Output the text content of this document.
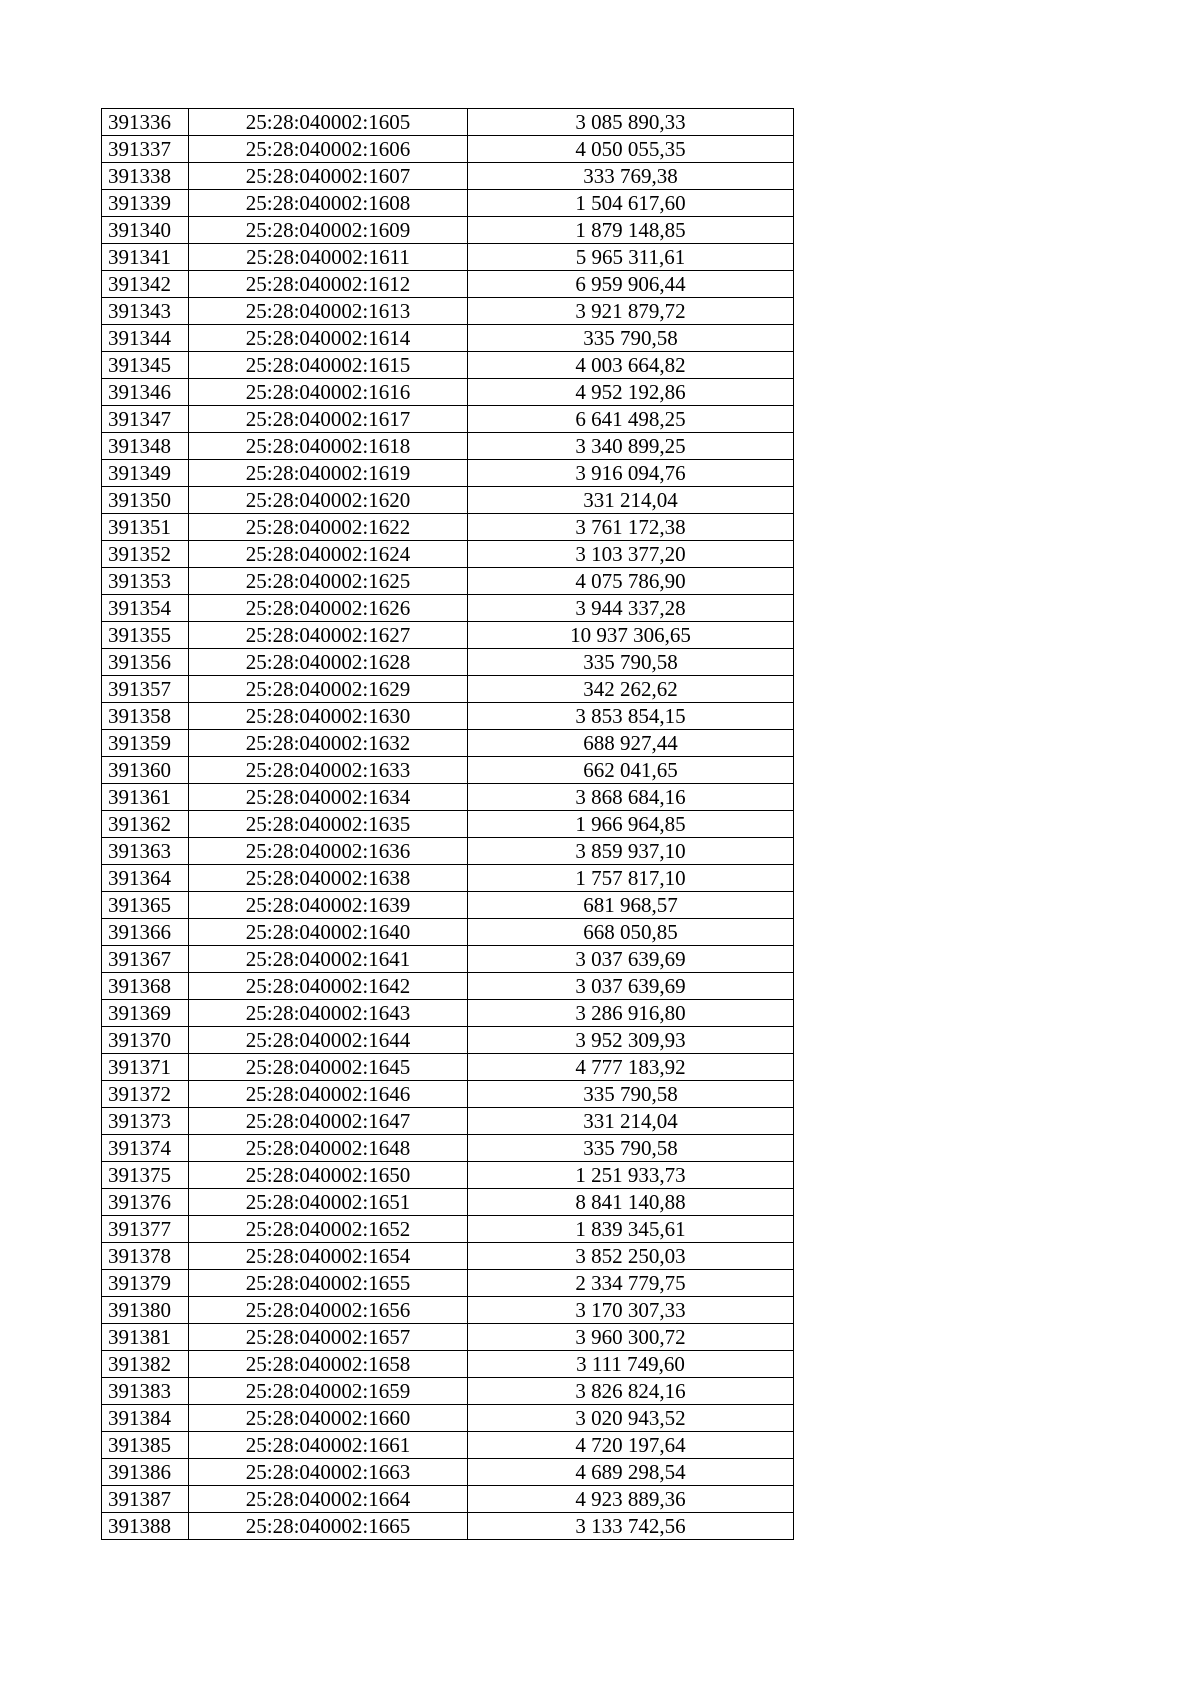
391336	25:28:040002:1605	3 085 890,33
391337	25:28:040002:1606	4 050 055,35
391338	25:28:040002:1607	333 769,38
391339	25:28:040002:1608	1 504 617,60
391340	25:28:040002:1609	1 879 148,85
391341	25:28:040002:1611	5 965 311,61
391342	25:28:040002:1612	6 959 906,44
391343	25:28:040002:1613	3 921 879,72
391344	25:28:040002:1614	335 790,58
391345	25:28:040002:1615	4 003 664,82
391346	25:28:040002:1616	4 952 192,86
391347	25:28:040002:1617	6 641 498,25
391348	25:28:040002:1618	3 340 899,25
391349	25:28:040002:1619	3 916 094,76
391350	25:28:040002:1620	331 214,04
391351	25:28:040002:1622	3 761 172,38
391352	25:28:040002:1624	3 103 377,20
391353	25:28:040002:1625	4 075 786,90
391354	25:28:040002:1626	3 944 337,28
391355	25:28:040002:1627	10 937 306,65
391356	25:28:040002:1628	335 790,58
391357	25:28:040002:1629	342 262,62
391358	25:28:040002:1630	3 853 854,15
391359	25:28:040002:1632	688 927,44
391360	25:28:040002:1633	662 041,65
391361	25:28:040002:1634	3 868 684,16
391362	25:28:040002:1635	1 966 964,85
391363	25:28:040002:1636	3 859 937,10
391364	25:28:040002:1638	1 757 817,10
391365	25:28:040002:1639	681 968,57
391366	25:28:040002:1640	668 050,85
391367	25:28:040002:1641	3 037 639,69
391368	25:28:040002:1642	3 037 639,69
391369	25:28:040002:1643	3 286 916,80
391370	25:28:040002:1644	3 952 309,93
391371	25:28:040002:1645	4 777 183,92
391372	25:28:040002:1646	335 790,58
391373	25:28:040002:1647	331 214,04
391374	25:28:040002:1648	335 790,58
391375	25:28:040002:1650	1 251 933,73
391376	25:28:040002:1651	8 841 140,88
391377	25:28:040002:1652	1 839 345,61
391378	25:28:040002:1654	3 852 250,03
391379	25:28:040002:1655	2 334 779,75
391380	25:28:040002:1656	3 170 307,33
391381	25:28:040002:1657	3 960 300,72
391382	25:28:040002:1658	3 111 749,60
391383	25:28:040002:1659	3 826 824,16
391384	25:28:040002:1660	3 020 943,52
391385	25:28:040002:1661	4 720 197,64
391386	25:28:040002:1663	4 689 298,54
391387	25:28:040002:1664	4 923 889,36
391388	25:28:040002:1665	3 133 742,56
